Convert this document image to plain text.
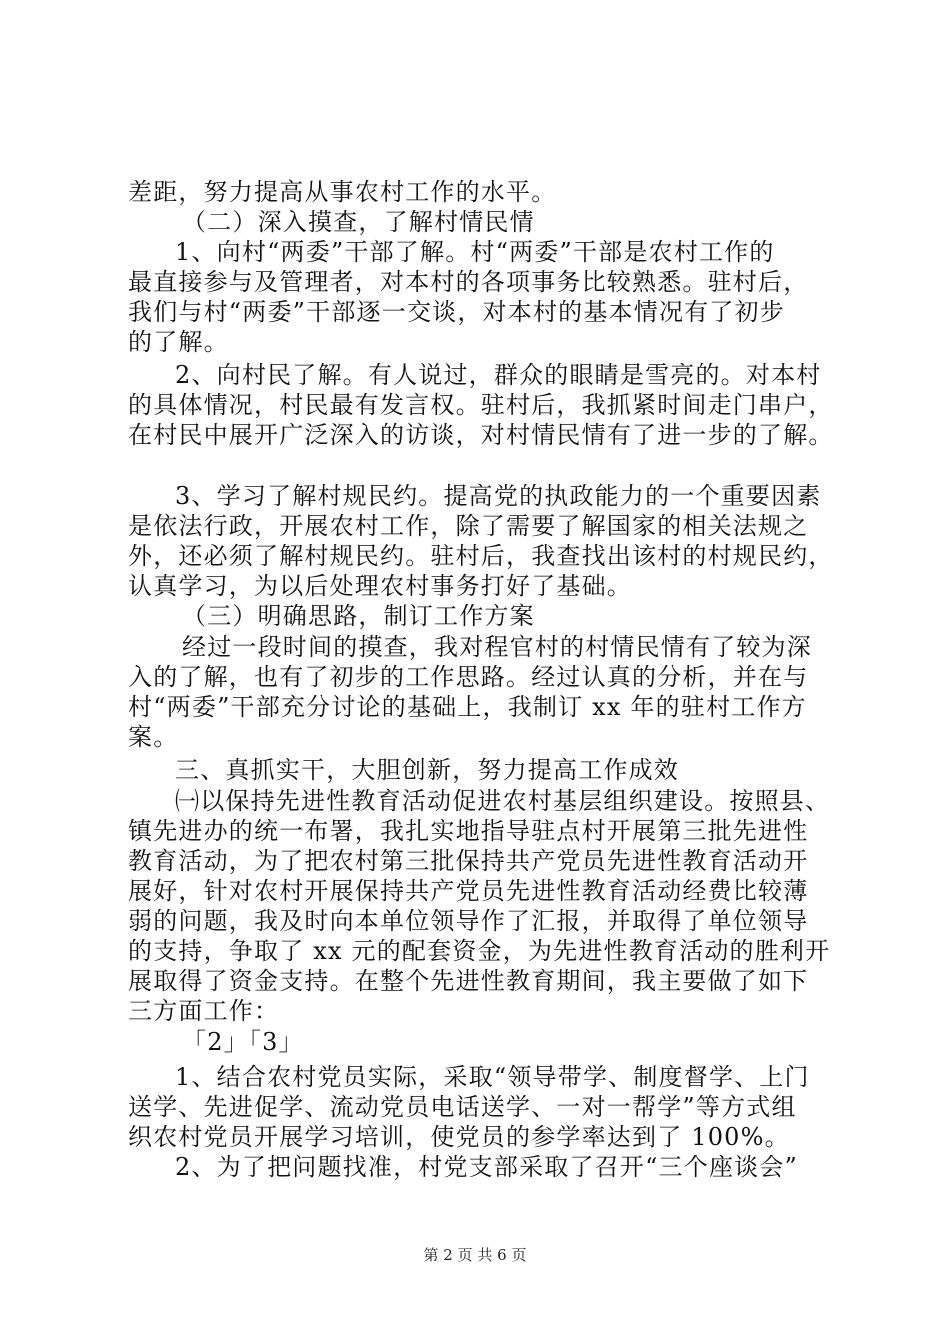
差距，努力提高从事农村工作的水平。
（二）深入摸查，了解村情民情
1、向村“两委”干部了解。村“两委”干部是农村工作的
最直接参与及管理者，对本村的各项事务比较熟悉。驻村后，
我们与村“两委”干部逐一交谈，对本村的基本情况有了初步
的了解。
2、向村民了解。有人说过，群众的眼睛是雪亮的。对本村
的具体情况，村民最有发言权。驻村后，我抓紧时间走门串户，
在村民中展开广泛深入的访谈，对村情民情有了进一步的了解。
3、学习了解村规民约。提高党的执政能力的一个重要因素
是依法行政，开展农村工作，除了需要了解国家的相关法规之
外，还必须了解村规民约。驻村后，我查找出该村的村规民约，
认真学习，为以后处理农村事务打好了基础。
（三）明确思路，制订工作方案
经过一段时间的摸查，我对程官村的村情民情有了较为深
入的了解，也有了初步的工作思路。经过认真的分析，并在与
村“两委”干部充分讨论的基础上，我制订 xx 年的驻村工作方
案。
三、真抓实干，大胆创新，努力提高工作成效
㈠以保持先进性教育活动促进农村基层组织建设。按照县、
镇先进办的统一布署，我扎实地指导驻点村开展第三批先进性
教育活动，为了把农村第三批保持共产党员先进性教育活动开
展好，针对农村开展保持共产党员先进性教育活动经费比较薄
弱的问题，我及时向本单位领导作了汇报，并取得了单位领导
的支持，争取了 xx 元的配套资金，为先进性教育活动的胜利开
展取得了资金支持。在整个先进性教育期间，我主要做了如下
三方面工作：
「2」「3」
1、结合农村党员实际，采取“领导带学、制度督学、上门
送学、先进促学、流动党员电话送学、一对一帮学”等方式组
织农村党员开展学习培训，使党员的参学率达到了 100%。
2、为了把问题找准，村党支部采取了召开“三个座谈会”
第 2 页 共 6 页
